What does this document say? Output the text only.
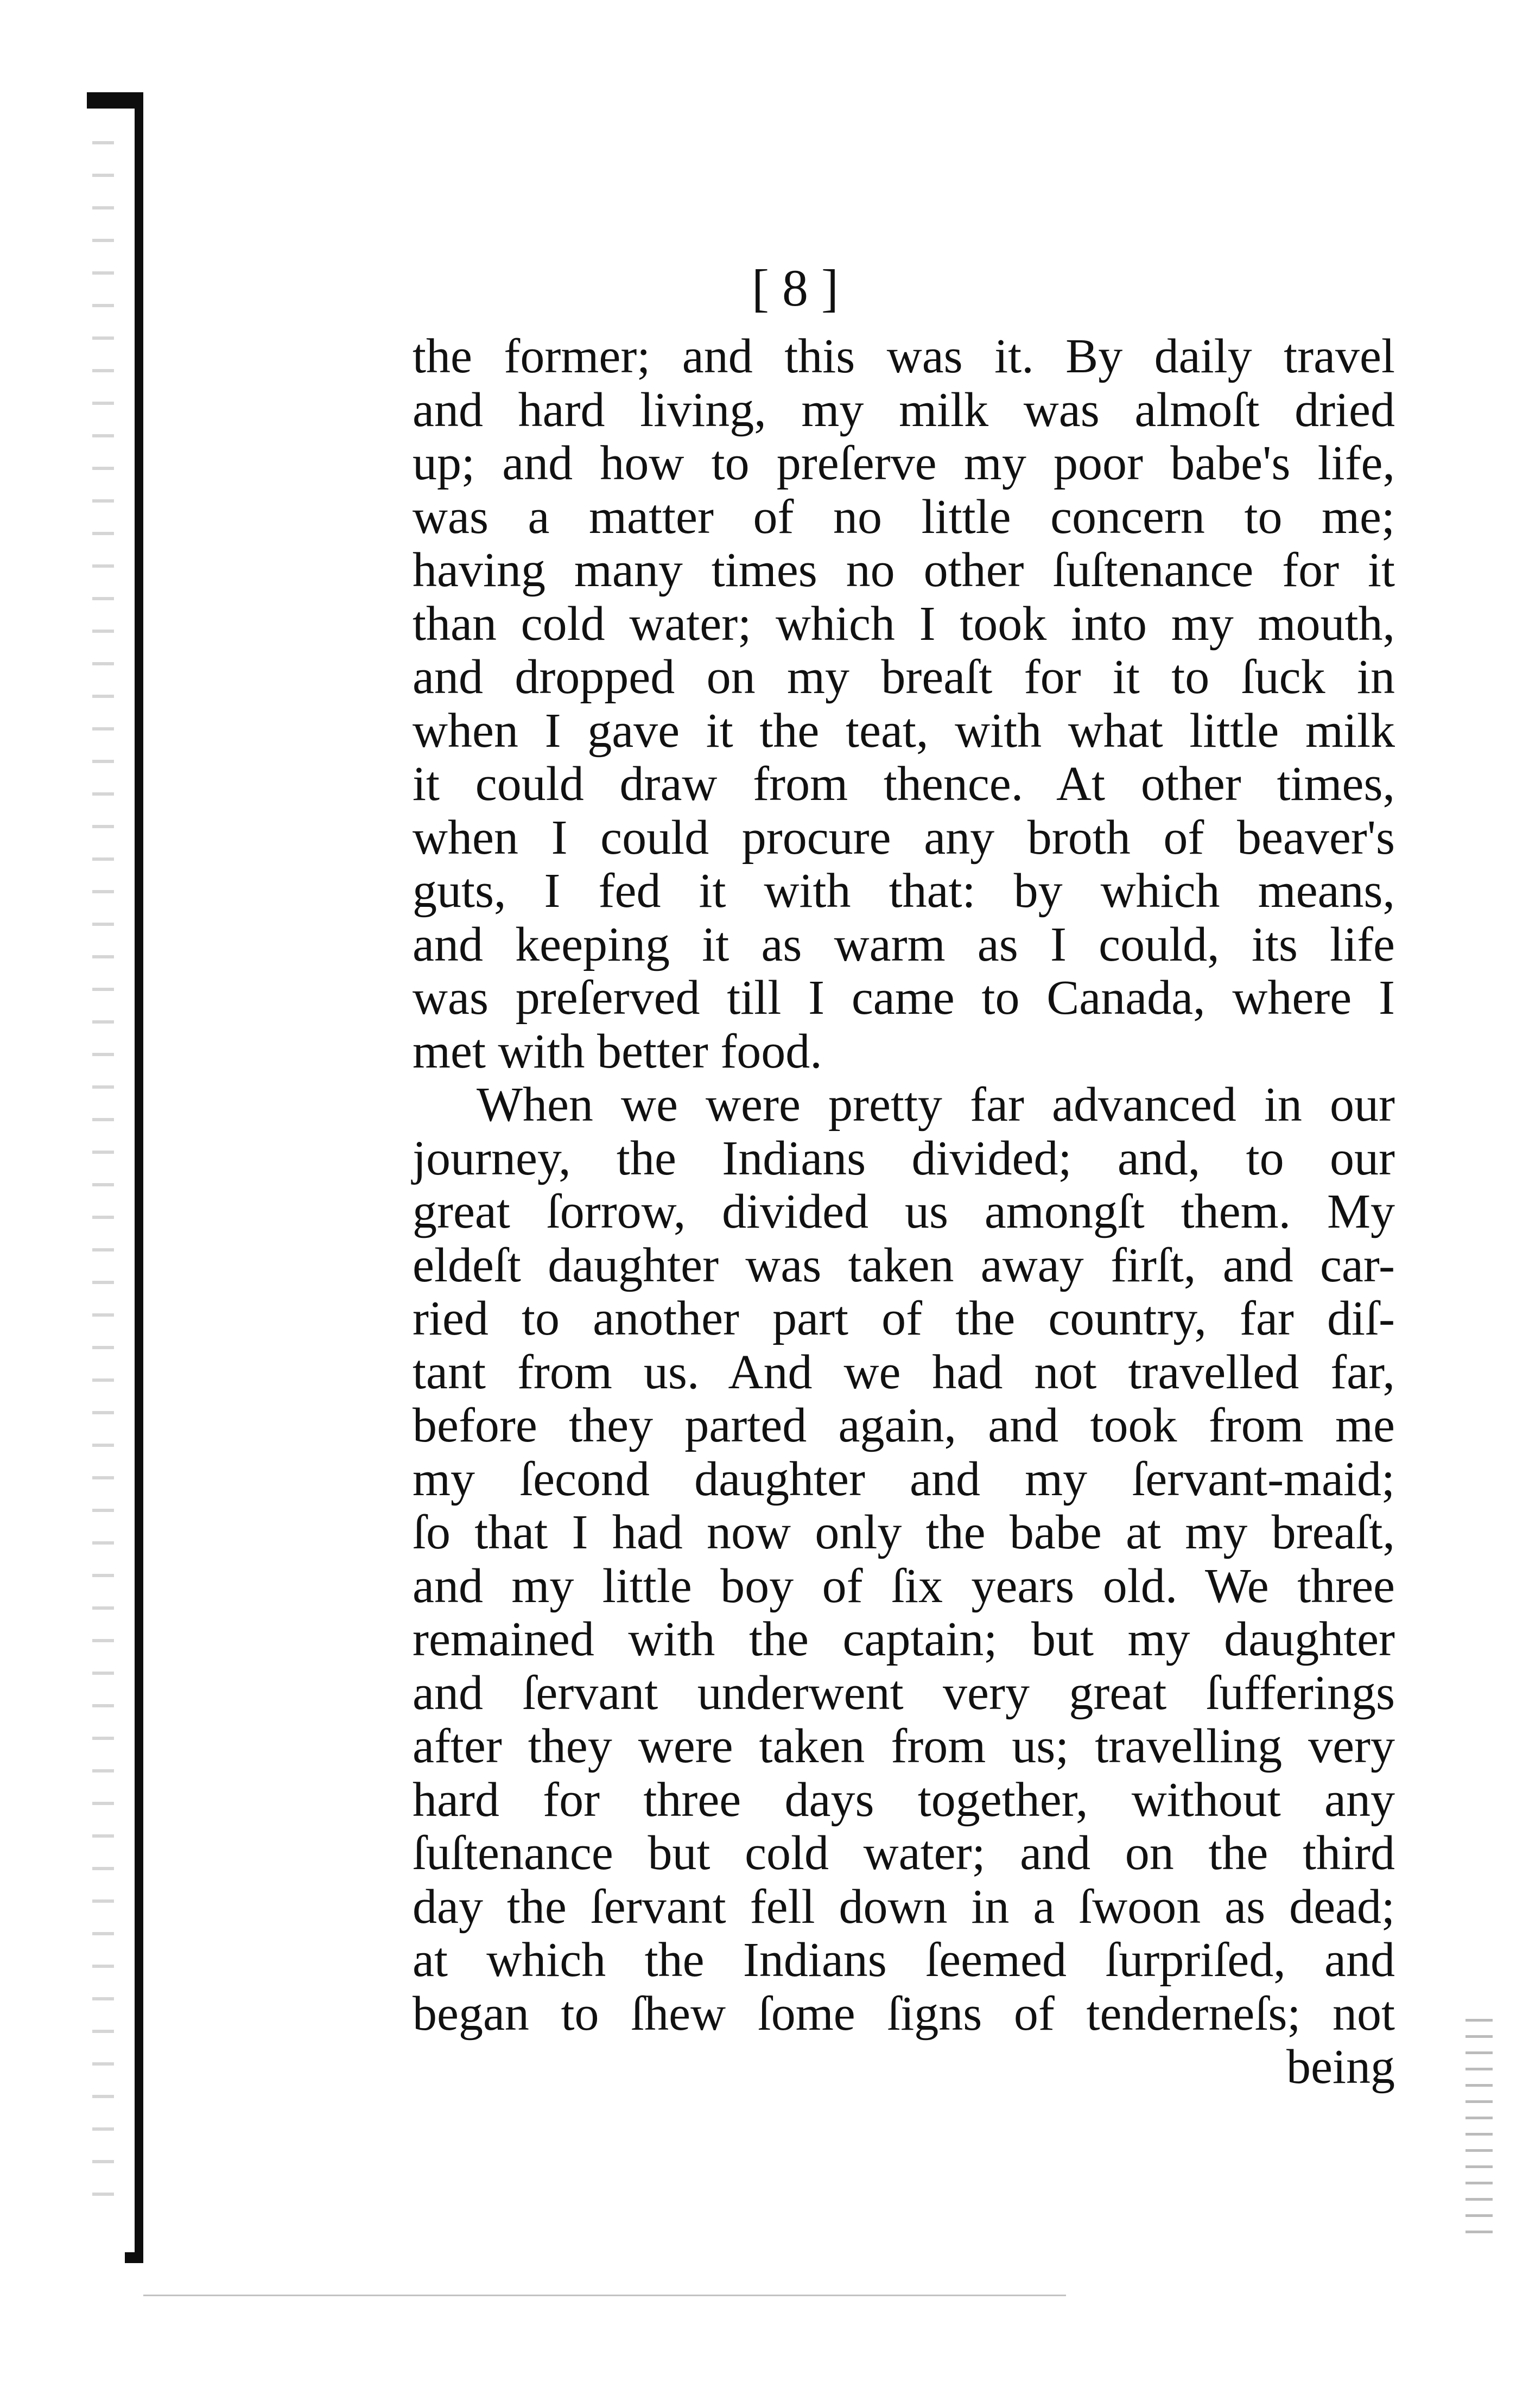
[ 8 ]
the former; and this was it. By daily travel
and hard living, my milk was almoſt dried
up; and how to preſerve my poor babe's life,
was a matter of no little concern to me;
having many times no other ſuſtenance for it
than cold water; which I took into my mouth,
and dropped on my breaſt for it to ſuck in
when I gave it the teat, with what little milk
it could draw from thence. At other times,
when I could procure any broth of beaver's
guts, I fed it with that: by which means,
and keeping it as warm as I could, its life
was preſerved till I came to Canada, where I
met with better food.
When we were pretty far advanced in our
journey, the Indians divided; and, to our
great ſorrow, divided us amongſt them. My
eldeſt daughter was taken away firſt, and car-
ried to another part of the country, far diſ-
tant from us. And we had not travelled far,
before they parted again, and took from me
my ſecond daughter and my ſervant-maid;
ſo that I had now only the babe at my breaſt,
and my little boy of ſix years old. We three
remained with the captain; but my daughter
and ſervant underwent very great ſufferings
after they were taken from us; travelling very
hard for three days together, without any
ſuſtenance but cold water; and on the third
day the ſervant fell down in a ſwoon as dead;
at which the Indians ſeemed ſurpriſed, and
began to ſhew ſome ſigns of tenderneſs; not
being
